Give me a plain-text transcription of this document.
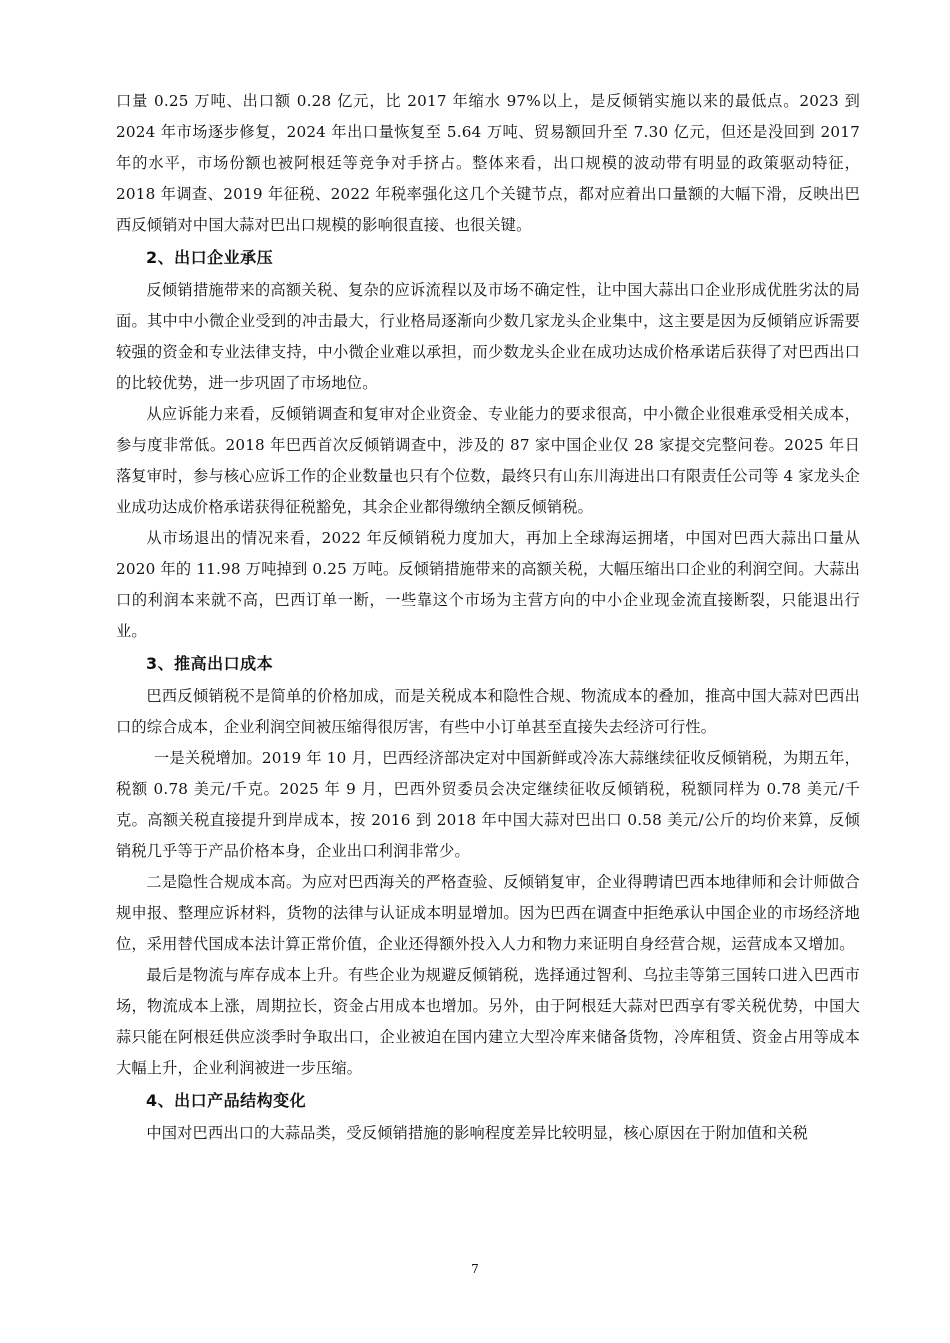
口量 0.25 万吨、出口额 0.28 亿元，比 2017 年缩水 97%以上，是反倾销实施以来的最低点。2023 到 2024 年市场逐步修复，2024 年出口量恢复至 5.64 万吨、贸易额回升至 7.30 亿元，但还是没回到 2017 年的水平，市场份额也被阿根廷等竞争对手挤占。整体来看，出口规模的波动带有明显的政策驱动特征，2018 年调查、2019 年征税、2022 年税率强化这几个关键节点，都对应着出口量额的大幅下滑，反映出巴西反倾销对中国大蒜对巴出口规模的影响很直接、也很关键。

2、出口企业承压

反倾销措施带来的高额关税、复杂的应诉流程以及市场不确定性，让中国大蒜出口企业形成优胜劣汰的局面。其中中小微企业受到的冲击最大，行业格局逐渐向少数几家龙头企业集中，这主要是因为反倾销应诉需要较强的资金和专业法律支持，中小微企业难以承担，而少数龙头企业在成功达成价格承诺后获得了对巴西出口的比较优势，进一步巩固了市场地位。

从应诉能力来看，反倾销调查和复审对企业资金、专业能力的要求很高，中小微企业很难承受相关成本，参与度非常低。2018 年巴西首次反倾销调查中，涉及的 87 家中国企业仅 28 家提交完整问卷。2025 年日落复审时，参与核心应诉工作的企业数量也只有个位数，最终只有山东川海进出口有限责任公司等 4 家龙头企业成功达成价格承诺获得征税豁免，其余企业都得缴纳全额反倾销税。

从市场退出的情况来看，2022 年反倾销税力度加大，再加上全球海运拥堵，中国对巴西大蒜出口量从 2020 年的 11.98 万吨掉到 0.25 万吨。反倾销措施带来的高额关税，大幅压缩出口企业的利润空间。大蒜出口的利润本来就不高，巴西订单一断，一些靠这个市场为主营方向的中小企业现金流直接断裂，只能退出行业。

3、推高出口成本

巴西反倾销税不是简单的价格加成，而是关税成本和隐性合规、物流成本的叠加，推高中国大蒜对巴西出口的综合成本，企业利润空间被压缩得很厉害，有些中小订单甚至直接失去经济可行性。

一是关税增加。2019 年 10 月，巴西经济部决定对中国新鲜或冷冻大蒜继续征收反倾销税，为期五年，税额 0.78 美元/千克。2025 年 9 月，巴西外贸委员会决定继续征收反倾销税，税额同样为 0.78 美元/千克。高额关税直接提升到岸成本，按 2016 到 2018 年中国大蒜对巴出口 0.58 美元/公斤的均价来算，反倾销税几乎等于产品价格本身，企业出口利润非常少。

二是隐性合规成本高。为应对巴西海关的严格查验、反倾销复审，企业得聘请巴西本地律师和会计师做合规申报、整理应诉材料，货物的法律与认证成本明显增加。因为巴西在调查中拒绝承认中国企业的市场经济地位，采用替代国成本法计算正常价值，企业还得额外投入人力和物力来证明自身经营合规，运营成本又增加。

最后是物流与库存成本上升。有些企业为规避反倾销税，选择通过智利、乌拉圭等第三国转口进入巴西市场，物流成本上涨，周期拉长，资金占用成本也增加。另外，由于阿根廷大蒜对巴西享有零关税优势，中国大蒜只能在阿根廷供应淡季时争取出口，企业被迫在国内建立大型冷库来储备货物，冷库租赁、资金占用等成本大幅上升，企业利润被进一步压缩。

4、出口产品结构变化

中国对巴西出口的大蒜品类，受反倾销措施的影响程度差异比较明显，核心原因在于附加值和关税

7
